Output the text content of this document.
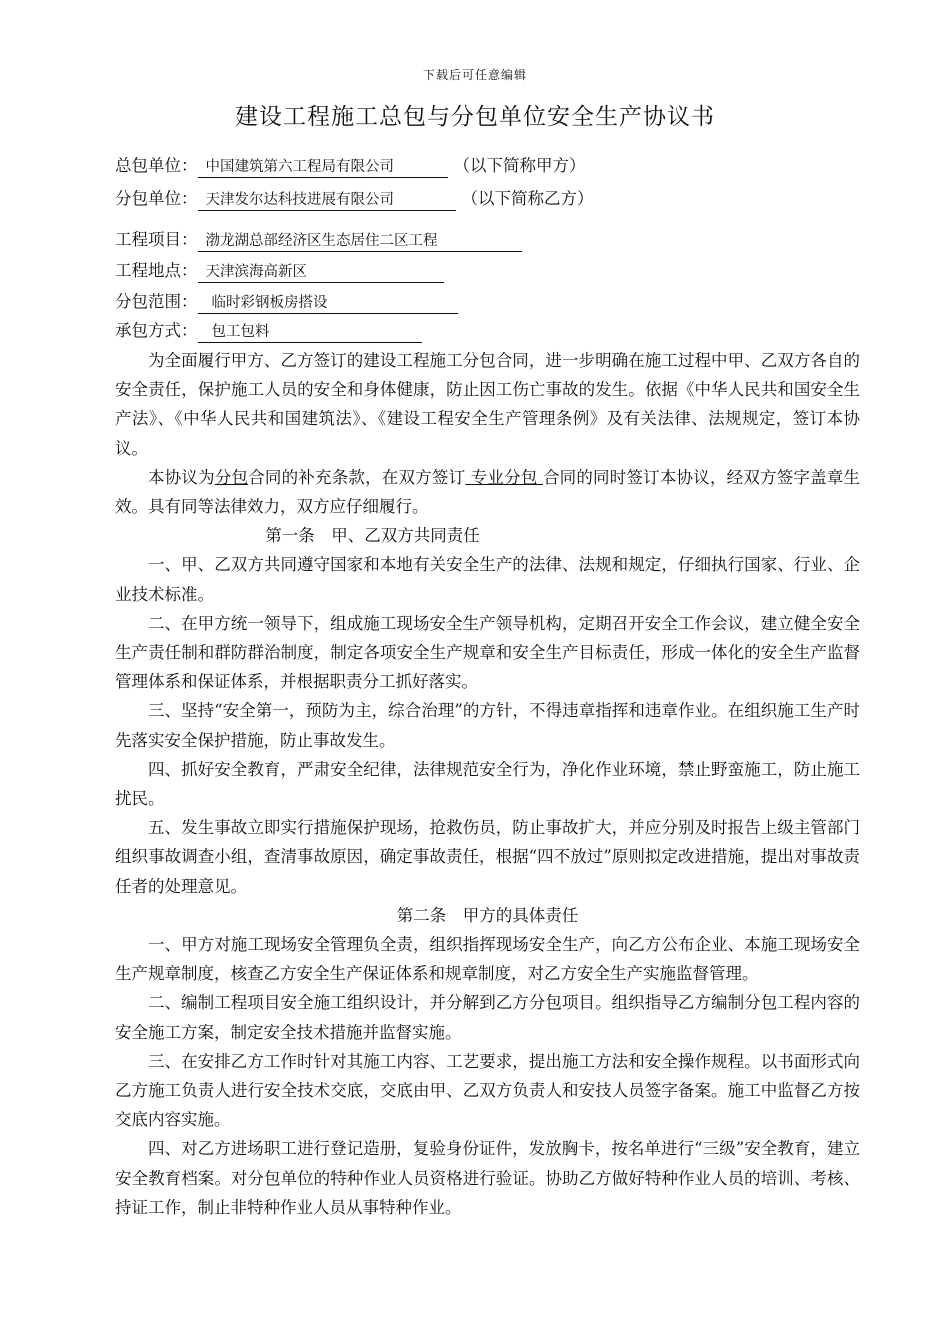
下载后可任意编辑
建设工程施工总包与分包单位安全生产协议书
总包单位： 中国建筑第六工程局有限公司	（以下简称甲方）
分包单位： 天津发尔达科技进展有限公司	（以下简称乙方）
工程项目： 渤龙湖总部经济区生态居住二区工程
工程地点： 天津滨海高新区
分包范围： 临时彩钢板房搭设
承包方式： 包工包料

为全面履行甲方、乙方签订的建设工程施工分包合同，进一步明确在施工过程中甲、乙双方各自的安全责任，保护施工人员的安全和身体健康，防止因工伤亡事故的发生。依据《中华人民共和国安全生产法》、《中华人民共和国建筑法》、《建设工程安全生产管理条例》及有关法律、法规规定，签订本协议。

本协议为分包合同的补充条款，在双方签订 专业分包 合同的同时签订本协议，经双方签字盖章生效。具有同等法律效力，双方应仔细履行。

第一条　甲、乙双方共同责任

一、甲、乙双方共同遵守国家和本地有关安全生产的法律、法规和规定，仔细执行国家、行业、企业技术标准。

二、在甲方统一领导下，组成施工现场安全生产领导机构，定期召开安全工作会议，建立健全安全生产责任制和群防群治制度，制定各项安全生产规章和安全生产目标责任，形成一体化的安全生产监督管理体系和保证体系，并根据职责分工抓好落实。

三、坚持“安全第一，预防为主，综合治理”的方针，不得违章指挥和违章作业。在组织施工生产时先落实安全保护措施，防止事故发生。

四、抓好安全教育，严肃安全纪律，法律规范安全行为，净化作业环境，禁止野蛮施工，防止施工扰民。

五、发生事故立即实行措施保护现场，抢救伤员，防止事故扩大，并应分别及时报告上级主管部门组织事故调查小组，查清事故原因，确定事故责任，根据“四不放过”原则拟定改进措施，提出对事故责任者的处理意见。

第二条　甲方的具体责任

一、甲方对施工现场安全管理负全责，组织指挥现场安全生产，向乙方公布企业、本施工现场安全生产规章制度，核查乙方安全生产保证体系和规章制度，对乙方安全生产实施监督管理。

二、编制工程项目安全施工组织设计，并分解到乙方分包项目。组织指导乙方编制分包工程内容的安全施工方案，制定安全技术措施并监督实施。

三、在安排乙方工作时针对其施工内容、工艺要求，提出施工方法和安全操作规程。以书面形式向乙方施工负责人进行安全技术交底，交底由甲、乙双方负责人和安技人员签字备案。施工中监督乙方按交底内容实施。

四、对乙方进场职工进行登记造册，复验身份证件，发放胸卡，按名单进行“三级”安全教育，建立安全教育档案。对分包单位的特种作业人员资格进行验证。协助乙方做好特种作业人员的培训、考核、持证工作，制止非特种作业人员从事特种作业。
